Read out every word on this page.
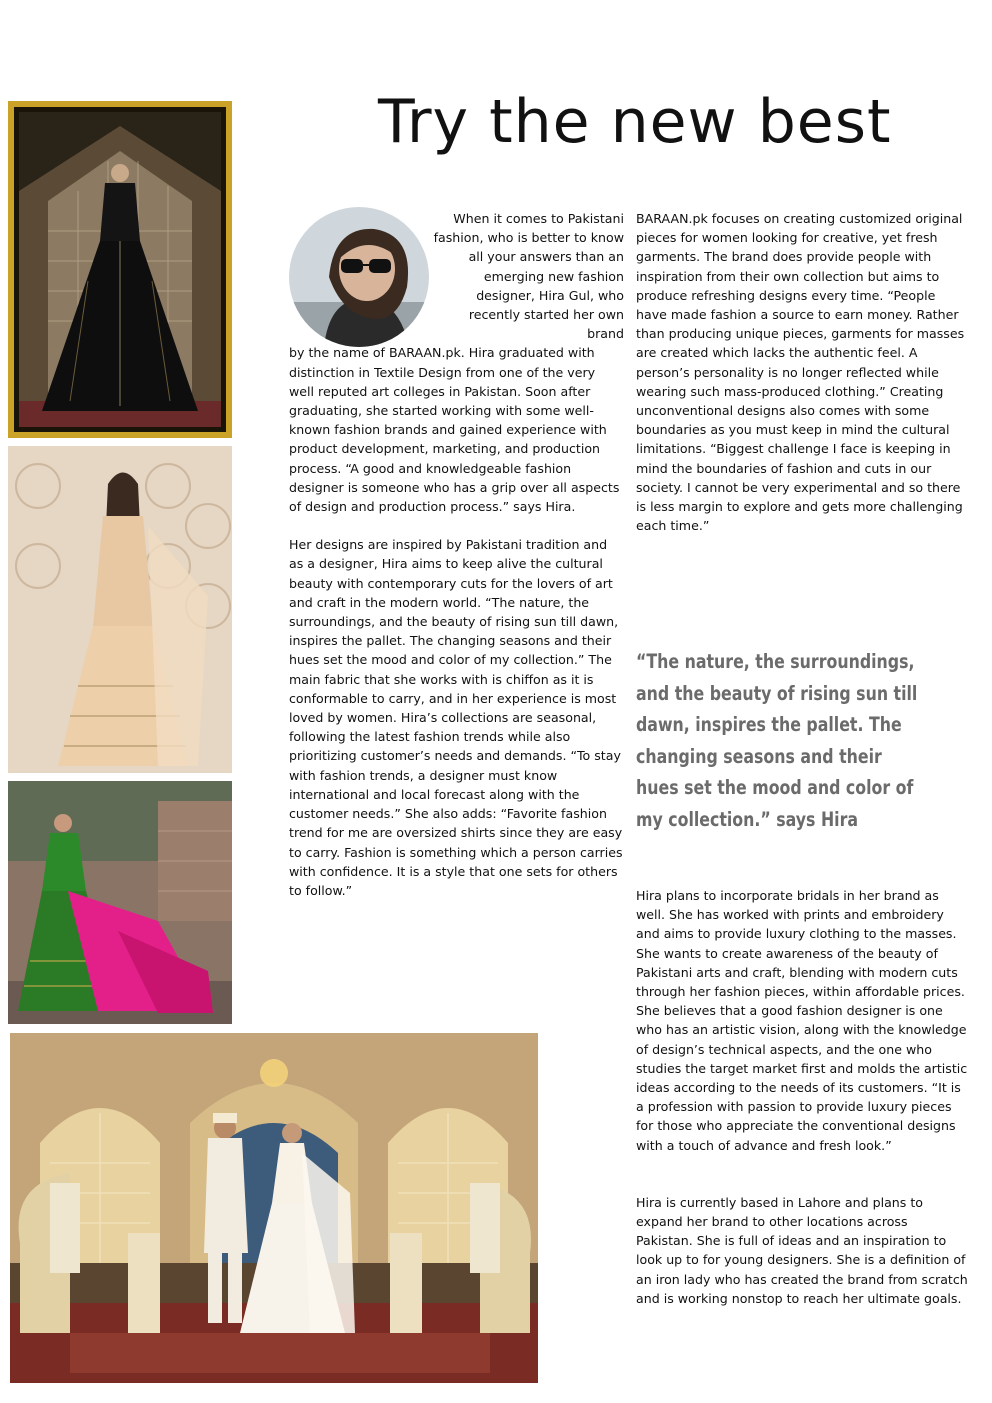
Try the new best

When it comes to Pakistani fashion, who is better to know all your answers than an emerging new fashion designer, Hira Gul, who recently started her own brand

by the name of BARAAN.pk. Hira graduated with distinction in Textile Design from one of the very well reputed art colleges in Pakistan. Soon after graduating, she started working with some well-known fashion brands and gained experience with product development, marketing, and production process. “A good and knowledgeable fashion designer is someone who has a grip over all aspects of design and production process.” says Hira.

Her designs are inspired by Pakistani tradition and as a designer, Hira aims to keep alive the cultural beauty with contemporary cuts for the lovers of art and craft in the modern world. “The nature, the surroundings, and the beauty of rising sun till dawn, inspires the pallet. The changing seasons and their hues set the mood and color of my collection.” The main fabric that she works with is chiffon as it is conformable to carry, and in her experience is most loved by women. Hira’s collections are seasonal, following the latest fashion trends while also prioritizing customer’s needs and demands. “To stay with fashion trends, a designer must know international and local forecast along with the customer needs.” She also adds: “Favorite fashion trend for me are oversized shirts since they are easy to carry. Fashion is something which a person carries with confidence. It is a style that one sets for others to follow.”

BARAAN.pk focuses on creating customized original pieces for women looking for creative, yet fresh garments. The brand does provide people with inspiration from their own collection but aims to produce refreshing designs every time. “People have made fashion a source to earn money. Rather than producing unique pieces, garments for masses are created which lacks the authentic feel. A person’s personality is no longer reflected while wearing such mass-produced clothing.” Creating unconventional designs also comes with some boundaries as you must keep in mind the cultural limitations. “Biggest challenge I face is keeping in mind the boundaries of fashion and cuts in our society. I cannot be very experimental and so there is less margin to explore and gets more challenging each time.”

“The nature, the surroundings, and the beauty of rising sun till dawn, inspires the pallet. The changing seasons and their hues set the mood and color of my collection.” says Hira

Hira plans to incorporate bridals in her brand as well. She has worked with prints and embroidery and aims to provide luxury clothing to the masses. She wants to create awareness of the beauty of Pakistani arts and craft, blending with modern cuts through her fashion pieces, within affordable prices. She believes that a good fashion designer is one who has an artistic vision, along with the knowledge of design’s technical aspects, and the one who studies the target market first and molds the artistic ideas according to the needs of its customers. “It is a profession with passion to provide luxury pieces for those who appreciate the conventional designs with a touch of advance and fresh look.”

Hira is currently based in Lahore and plans to expand her brand to other locations across Pakistan. She is full of ideas and an inspiration to look up to for young designers. She is a definition of an iron lady who has created the brand from scratch and is working nonstop to reach her ultimate goals.
